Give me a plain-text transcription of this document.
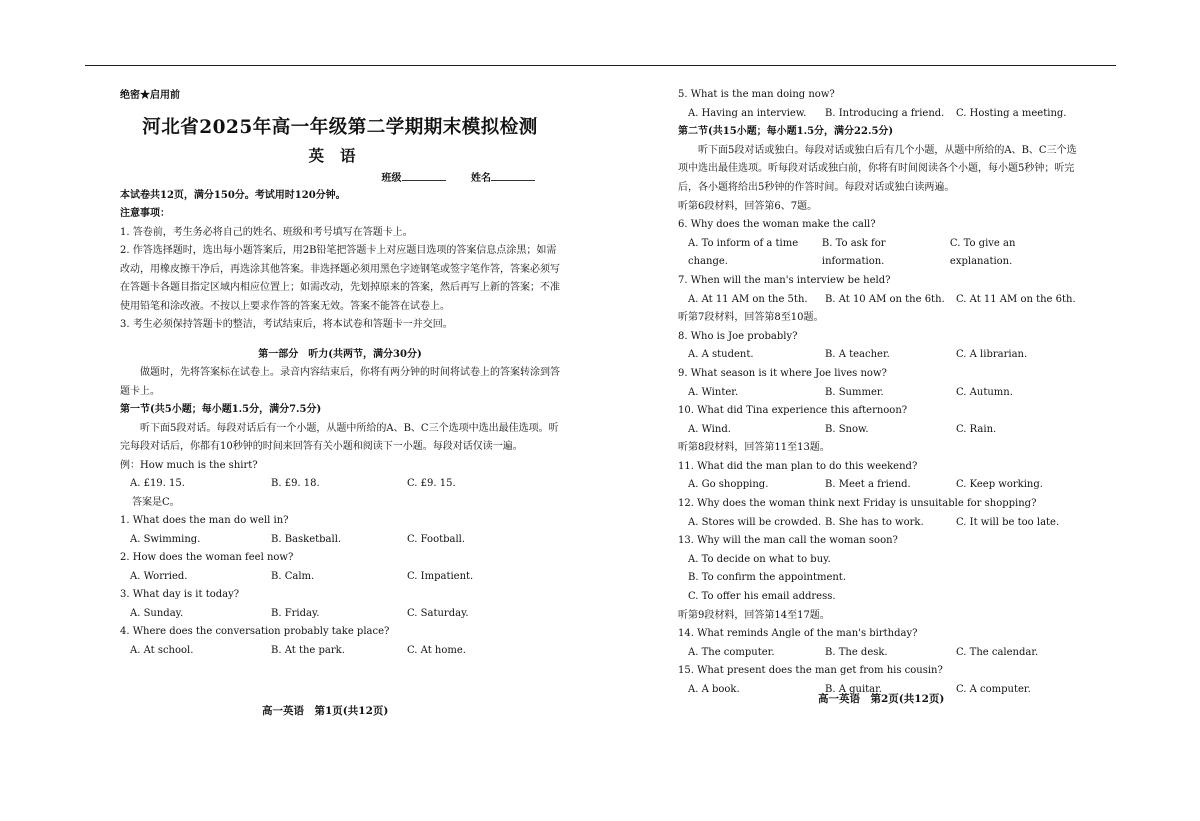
绝密★启用前
河北省2025年高一年级第二学期期末模拟检测
英语
班级	姓名
本试卷共12页，满分150分。考试用时120分钟。
注意事项：
1. 答卷前，考生务必将自己的姓名、班级和考号填写在答题卡上。
2. 作答选择题时，选出每小题答案后，用2B铅笔把答题卡上对应题目选项的答案信息点涂黑；如需改动，用橡皮擦干净后，再选涂其他答案。非选择题必须用黑色字迹钢笔或签字笔作答，答案必须写在答题卡各题目指定区域内相应位置上；如需改动，先划掉原来的答案，然后再写上新的答案；不准使用铅笔和涂改液。不按以上要求作答的答案无效。答案不能答在试卷上。
3. 考生必须保持答题卡的整洁，考试结束后，将本试卷和答题卡一并交回。
第一部分　听力(共两节，满分30分)
做题时，先将答案标在试卷上。录音内容结束后，你将有两分钟的时间将试卷上的答案转涂到答题卡上。
第一节(共5小题；每小题1.5分，满分7.5分)
听下面5段对话。每段对话后有一个小题，从题中所给的A、B、C三个选项中选出最佳选项。听完每段对话后，你都有10秒钟的时间来回答有关小题和阅读下一小题。每段对话仅读一遍。
例：How much is the shirt?
A. £19. 15.	B. £9. 18.	C. £9. 15.
答案是C。
1. What does the man do well in?
A. Swimming.	B. Basketball.	C. Football.
2. How does the woman feel now?
A. Worried.	B. Calm.	C. Impatient.
3. What day is it today?
A. Sunday.	B. Friday.	C. Saturday.
4. Where does the conversation probably take place?
A. At school.	B. At the park.	C. At home.
高一英语　第1页(共12页)
5. What is the man doing now?
A. Having an interview.	B. Introducing a friend.	C. Hosting a meeting.
第二节(共15小题；每小题1.5分，满分22.5分)
听下面5段对话或独白。每段对话或独白后有几个小题，从题中所给的A、B、C三个选项中选出最佳选项。听每段对话或独白前，你将有时间阅读各个小题，每小题5秒钟；听完后，各小题将给出5秒钟的作答时间。每段对话或独白读两遍。
听第6段材料，回答第6、7题。
6. Why does the woman make the call?
A. To inform of a time change.
B. To ask for information.
C. To give an explanation.
7. When will the man's interview be held?
A. At 11 AM on the 5th.	B. At 10 AM on the 6th.	C. At 11 AM on the 6th.
听第7段材料，回答第8至10题。
8. Who is Joe probably?
A. A student.	B. A teacher.	C. A librarian.
9. What season is it where Joe lives now?
A. Winter.	B. Summer.	C. Autumn.
10. What did Tina experience this afternoon?
A. Wind.	B. Snow.	C. Rain.
听第8段材料，回答第11至13题。
11. What did the man plan to do this weekend?
A. Go shopping.	B. Meet a friend.	C. Keep working.
12. Why does the woman think next Friday is unsuitable for shopping?
A. Stores will be crowded. B. She has to work.	C. It will be too late.
13. Why will the man call the woman soon?
A. To decide on what to buy.
B. To confirm the appointment.
C. To offer his email address.
听第9段材料，回答第14至17题。
14. What reminds Angle of the man's birthday?
A. The computer.	B. The desk.	C. The calendar.
15. What present does the man get from his cousin?
A. A book.	B. A guitar.	C. A computer.
高一英语　第2页(共12页)
